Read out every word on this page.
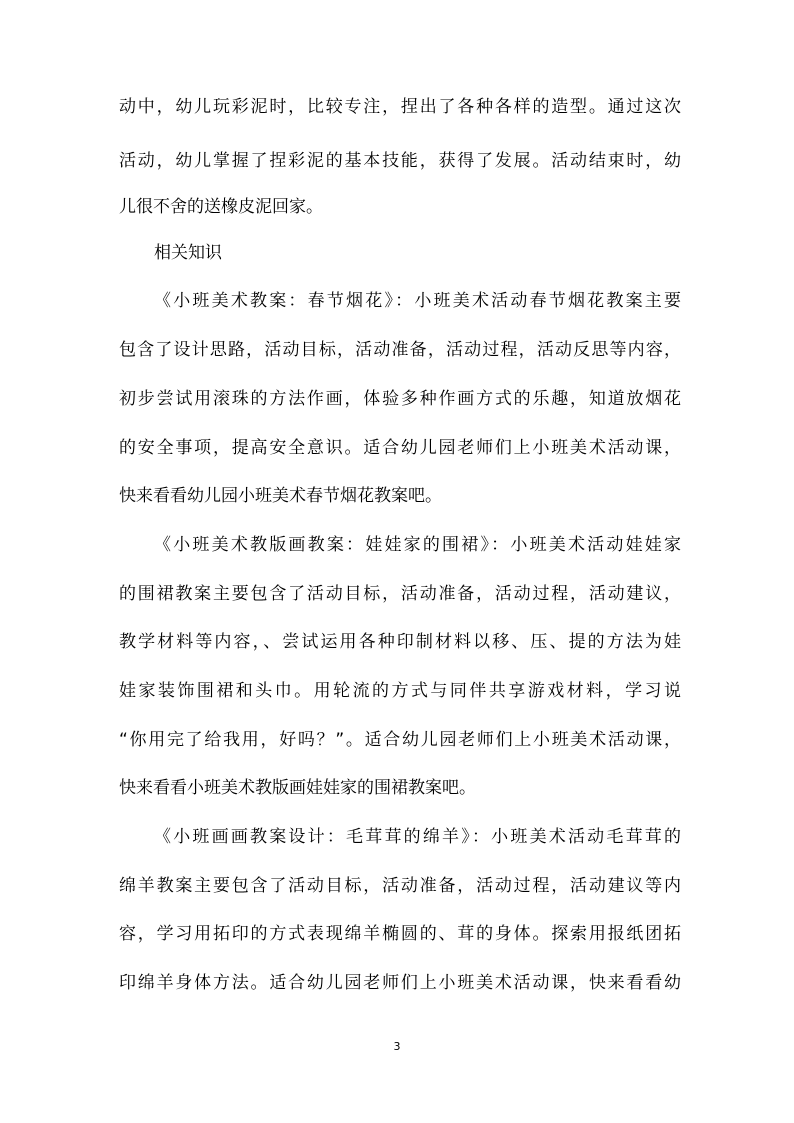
动中，幼儿玩彩泥时，比较专注，捏出了各种各样的造型。通过这次
活动，幼儿掌握了捏彩泥的基本技能，获得了发展。活动结束时，幼
儿很不舍的送橡皮泥回家。
相关知识
《小班美术教案：春节烟花》：小班美术活动春节烟花教案主要
包含了设计思路，活动目标，活动准备，活动过程，活动反思等内容，
初步尝试用滚珠的方法作画，体验多种作画方式的乐趣，知道放烟花
的安全事项，提高安全意识。适合幼儿园老师们上小班美术活动课，
快来看看幼儿园小班美术春节烟花教案吧。
《小班美术教版画教案：娃娃家的围裙》：小班美术活动娃娃家
的围裙教案主要包含了活动目标，活动准备，活动过程，活动建议，
教学材料等内容，、尝试运用各种印制材料以移、压、提的方法为娃
娃家装饰围裙和头巾。用轮流的方式与同伴共享游戏材料，学习说
“你用完了给我用，好吗？”。适合幼儿园老师们上小班美术活动课，
快来看看小班美术教版画娃娃家的围裙教案吧。
《小班画画教案设计：毛茸茸的绵羊》：小班美术活动毛茸茸的
绵羊教案主要包含了活动目标，活动准备，活动过程，活动建议等内
容，学习用拓印的方式表现绵羊椭圆的、茸的身体。探索用报纸团拓
印绵羊身体方法。适合幼儿园老师们上小班美术活动课，快来看看幼
3
